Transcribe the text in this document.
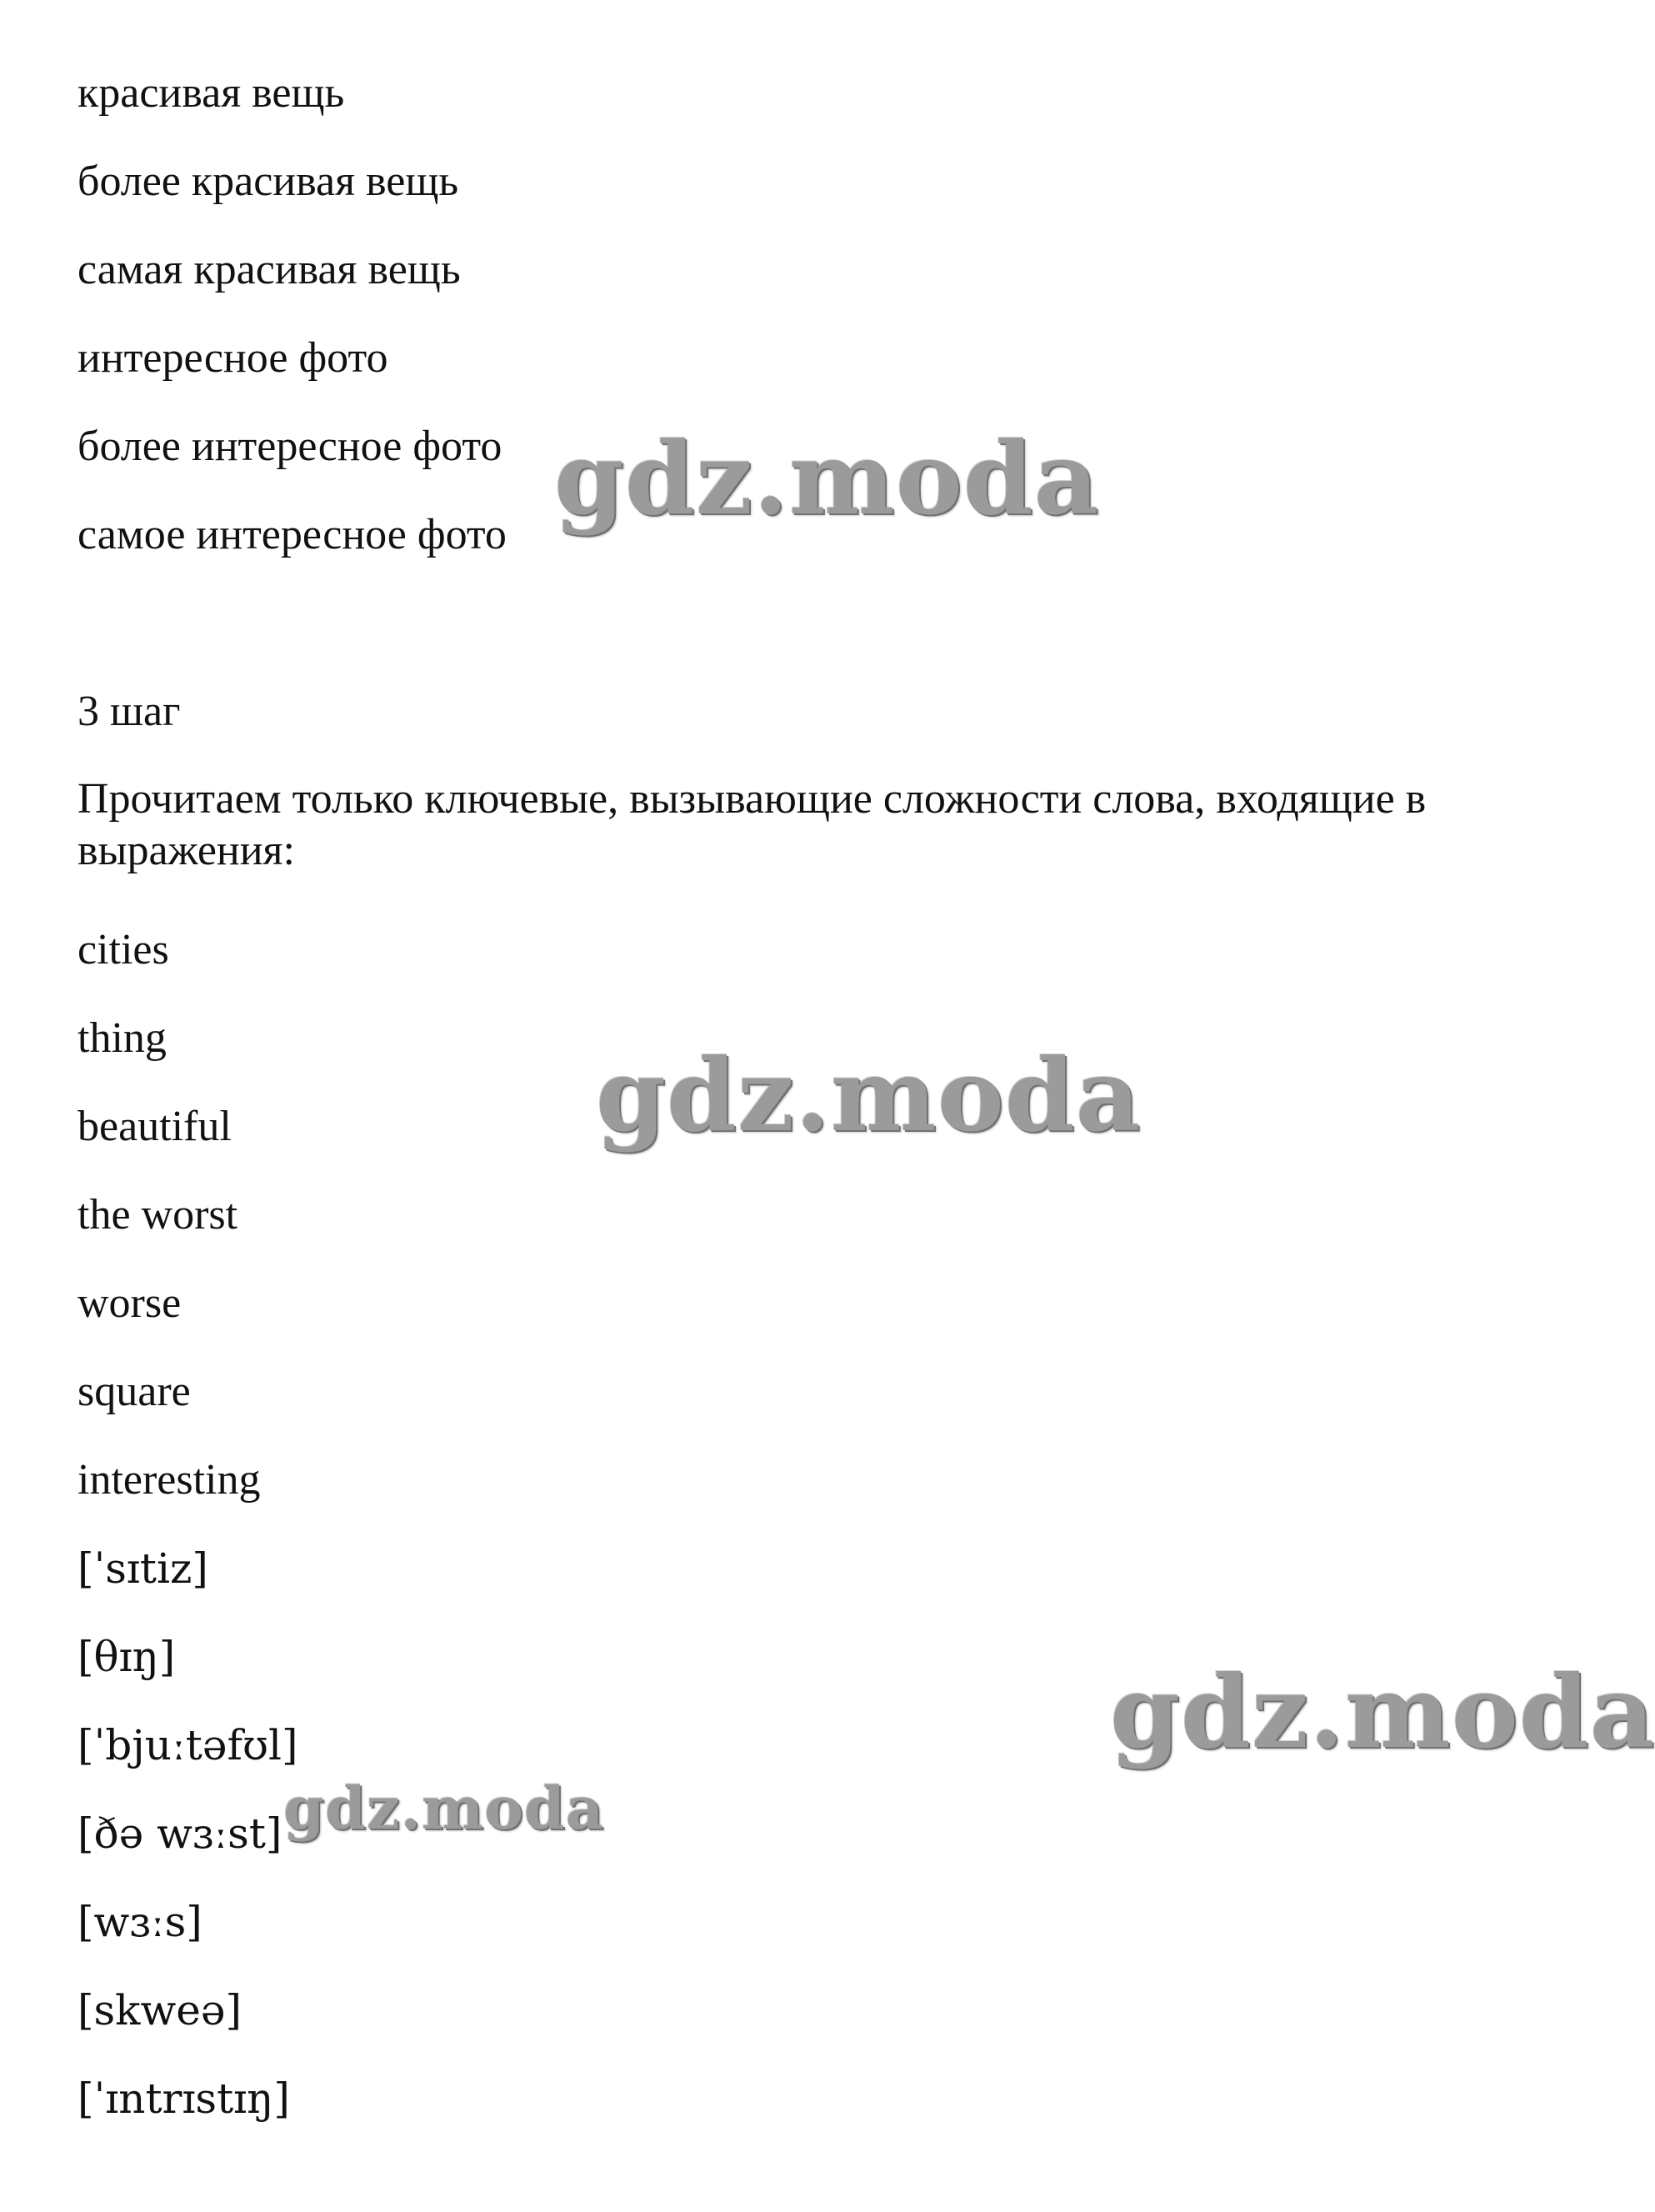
красивая вещь
более красивая вещь
самая красивая вещь
интересное фото
более интересное фото
самое интересное фото
3 шаг
Прочитаем только ключевые, вызывающие сложности слова, входящие в выражения:
cities
thing
beautiful
the worst
worse
square
interesting
[ˈsɪtiz]
[θɪŋ]
[ˈbjuːtəfʊl]
[ðə wɜːst]
[wɜːs]
[skweə]
[ˈɪntrɪstɪŋ]
gdz.moda
gdz.moda
gdz.moda
gdz.moda
